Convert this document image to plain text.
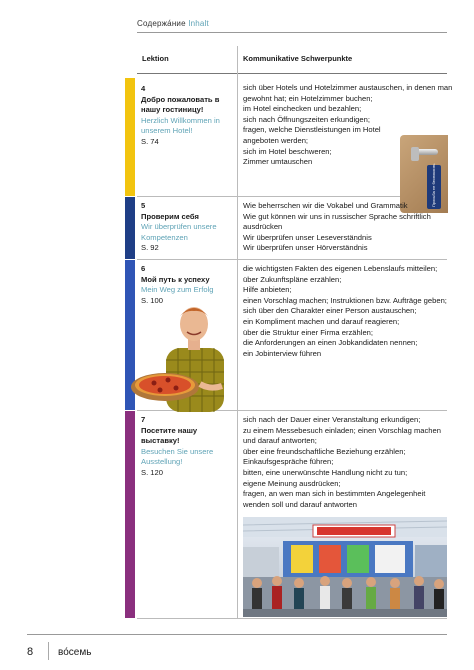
Содержа́ние Inhalt
Lektion	Kommunikative Schwerpunkte
4
Добро пожаловать в нашу гостиницу!
Herzlich Willkommen in unserem Hotel!
S. 74
sich über Hotels und Hotelzimmer austauschen, in denen man gewohnt hat; ein Hotelzimmer buchen;
im Hotel einchecken und bezahlen;
sich nach Öffnungszeiten erkundigen;
fragen, welche Dienstleistungen im Hotel angeboten werden;
sich im Hotel beschweren;
Zimmer umtauschen
Просьба не беспокоить
5
Проверим себя
Wir überprüfen unsere Kompetenzen
S. 92
Wie beherrschen wir die Vokabel und Grammatik
Wie gut können wir uns in russischer Sprache schriftlich ausdrücken
Wir überprüfen unser Leseverständnis
Wir überprüfen unser Hörverständnis
6
Мой путь к успеху
Mein Weg zum Erfolg
S. 100
die wichtigsten Fakten des eigenen Lebenslaufs mitteilen;
über Zukunftspläne erzählen;
Hilfe anbieten;
einen Vorschlag machen; Instruktionen bzw. Aufträge geben;
sich über den Charakter einer Person austauschen;
ein Kompliment machen und darauf reagieren;
über die Struktur einer Firma erzählen;
die Anforderungen an einen Jobkandidaten nennen;
ein Jobinterview führen
7
Посетите нашу выставку!
Besuchen Sie unsere Ausstellung!
S. 120
sich nach der Dauer einer Veranstaltung erkundigen;
zu einem Messebesuch einladen; einen Vorschlag machen und darauf antworten;
über eine freundschaftliche Beziehung erzählen;
Einkaufsgespräche führen;
bitten, eine unerwünschte Handlung nicht zu tun;
eigene Meinung ausdrücken;
fragen, an wen man sich in bestimmten Angelegenheit wenden soll und darauf antworten
8 во́семь
